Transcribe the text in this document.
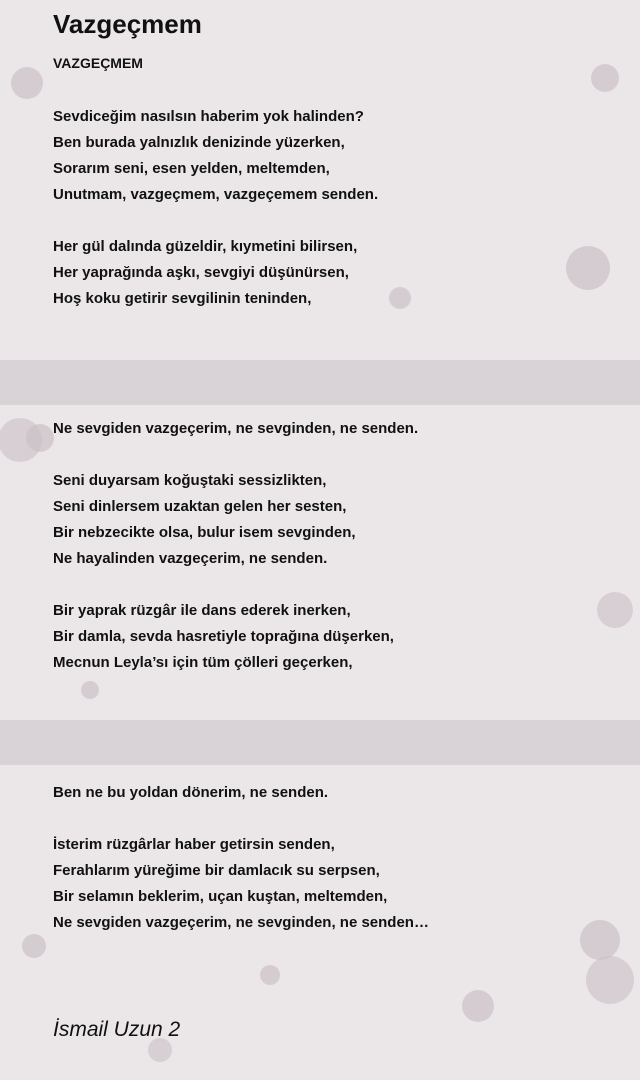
Vazgeçmem
VAZGEÇMEM
Sevdiceğim nasılsın haberim yok halinden?
Ben burada yalnızlık denizinde yüzerken,
Sorarım seni, esen yelden, meltemden,
Unutmam, vazgeçmem, vazgeçemem senden.
Her gül dalında güzeldir, kıymetini bilirsen,
Her yaprağında aşkı, sevgiyi düşünürsen,
Hoş koku getirir sevgilinin teninden,
Ne sevgiden vazgeçerim, ne sevginden, ne senden.
Seni duyarsam koğuştaki sessizlikten,
Seni dinlersem uzaktan gelen her sesten,
Bir nebzecikte olsa, bulur isem sevginden,
Ne hayalinden vazgeçerim, ne senden.
Bir yaprak rüzgâr ile dans ederek inerken,
Bir damla, sevda hasretiyle toprağına düşerken,
Mecnun Leyla’sı için tüm çölleri geçerken,
Ben ne bu yoldan dönerim, ne senden.
İsterim rüzgârlar haber getirsin senden,
Ferahlarım yüreğime bir damlacık su serpsen,
Bir selamın beklerim, uçan kuştan, meltemden,
Ne sevgiden vazgeçerim, ne sevginden, ne senden…
İsmail Uzun 2
